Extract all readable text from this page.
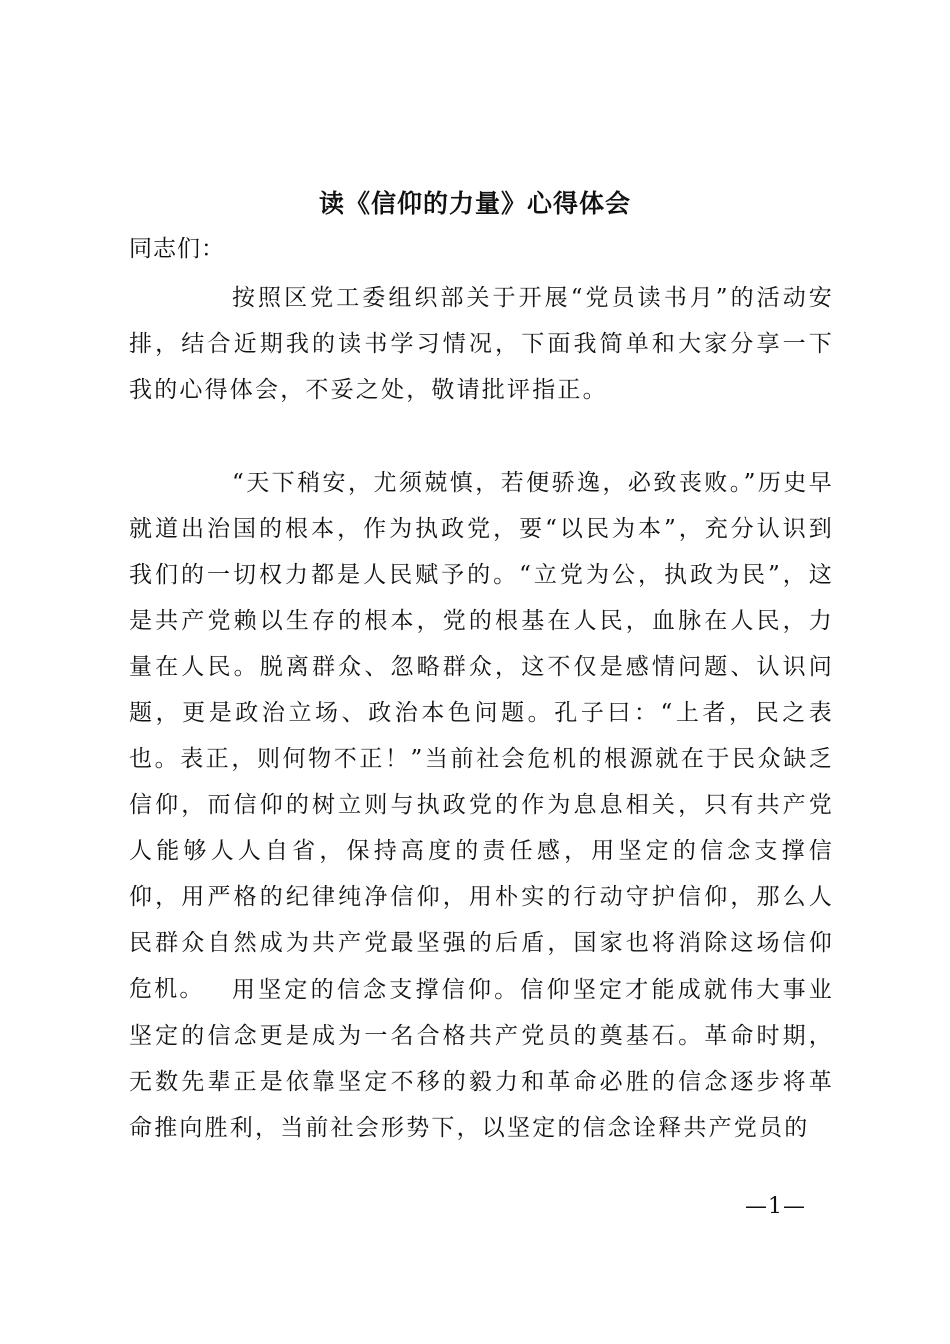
读《信仰的力量》心得体会
同志们：
按照区党工委组织部关于开展“党员读书月”的活动安排，结合近期我的读书学习情况，下面我简单和大家分享一下我的心得体会，不妥之处，敬请批评指正。
“天下稍安，尤须兢慎，若便骄逸，必致丧败。”历史早就道出治国的根本，作为执政党，要“以民为本”，充分认识到我们的一切权力都是人民赋予的。“立党为公，执政为民”，这是共产党赖以生存的根本，党的根基在人民，血脉在人民，力量在人民。脱离群众、忽略群众，这不仅是感情问题、认识问题，更是政治立场、政治本色问题。孔子曰：“上者，民之表也。表正，则何物不正！”当前社会危机的根源就在于民众缺乏信仰，而信仰的树立则与执政党的作为息息相关，只有共产党人能够人人自省，保持高度的责任感，用坚定的信念支撑信仰，用严格的纪律纯净信仰，用朴实的行动守护信仰，那么人民群众自然成为共产党最坚强的后盾，国家也将消除这场信仰危机。	用坚定的信念支撑信仰。信仰坚定才能成就伟大事业坚定的信念更是成为一名合格共产党员的奠基石。革命时期，无数先辈正是依靠坚定不移的毅力和革命必胜的信念逐步将革命推向胜利，当前社会形势下，以坚定的信念诠释共产党员的
—1—
